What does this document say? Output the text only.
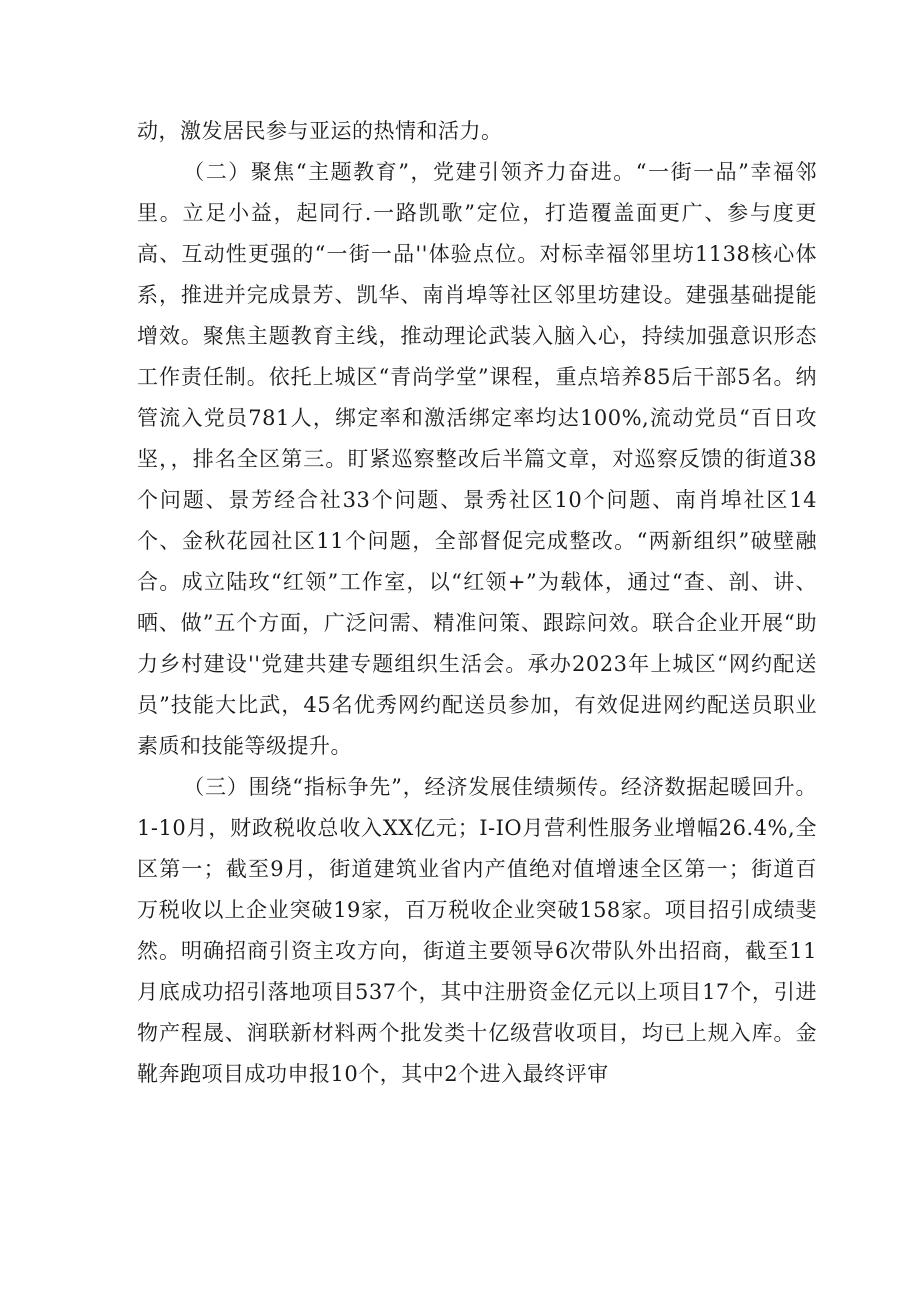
动，激发居民参与亚运的热情和活力。

（二）聚焦“主题教育”，党建引领齐力奋进。“一街一品”幸福邻里。立足小益，起同行.一路凯歌”定位，打造覆盖面更广、参与度更高、互动性更强的“一街一品''体验点位。对标幸福邻里坊1138核心体系，推进并完成景芳、凯华、南肖埠等社区邻里坊建设。建强基础提能增效。聚焦主题教育主线，推动理论武装入脑入心，持续加强意识形态工作责任制。依托上城区“青尚学堂”课程，重点培养85后干部5名。纳管流入党员781人，绑定率和激活绑定率均达100%,流动党员“百日攻坚，，排名全区第三。盯紧巡察整改后半篇文章，对巡察反馈的街道38个问题、景芳经合社33个问题、景秀社区10个问题、南肖埠社区14个、金秋花园社区11个问题，全部督促完成整改。“两新组织”破壁融合。成立陆玫“红领”工作室，以“红领+”为载体，通过“查、剖、讲、晒、做”五个方面，广泛问需、精准问策、跟踪问效。联合企业开展“助力乡村建设''党建共建专题组织生活会。承办2023年上城区“网约配送员”技能大比武，45名优秀网约配送员参加，有效促进网约配送员职业素质和技能等级提升。

（三）围绕“指标争先”，经济发展佳绩频传。经济数据起暖回升。1-10月，财政税收总收入XX亿元；I-IO月营利性服务业增幅26.4%,全区第一；截至9月，街道建筑业省内产值绝对值增速全区第一；街道百万税收以上企业突破19家，百万税收企业突破158家。项目招引成绩斐然。明确招商引资主攻方向，街道主要领导6次带队外出招商，截至11月底成功招引落地项目537个，其中注册资金亿元以上项目17个，引进物产程晟、润联新材料两个批发类十亿级营收项目，均已上规入库。金靴奔跑项目成功申报10个，其中2个进入最终评审
